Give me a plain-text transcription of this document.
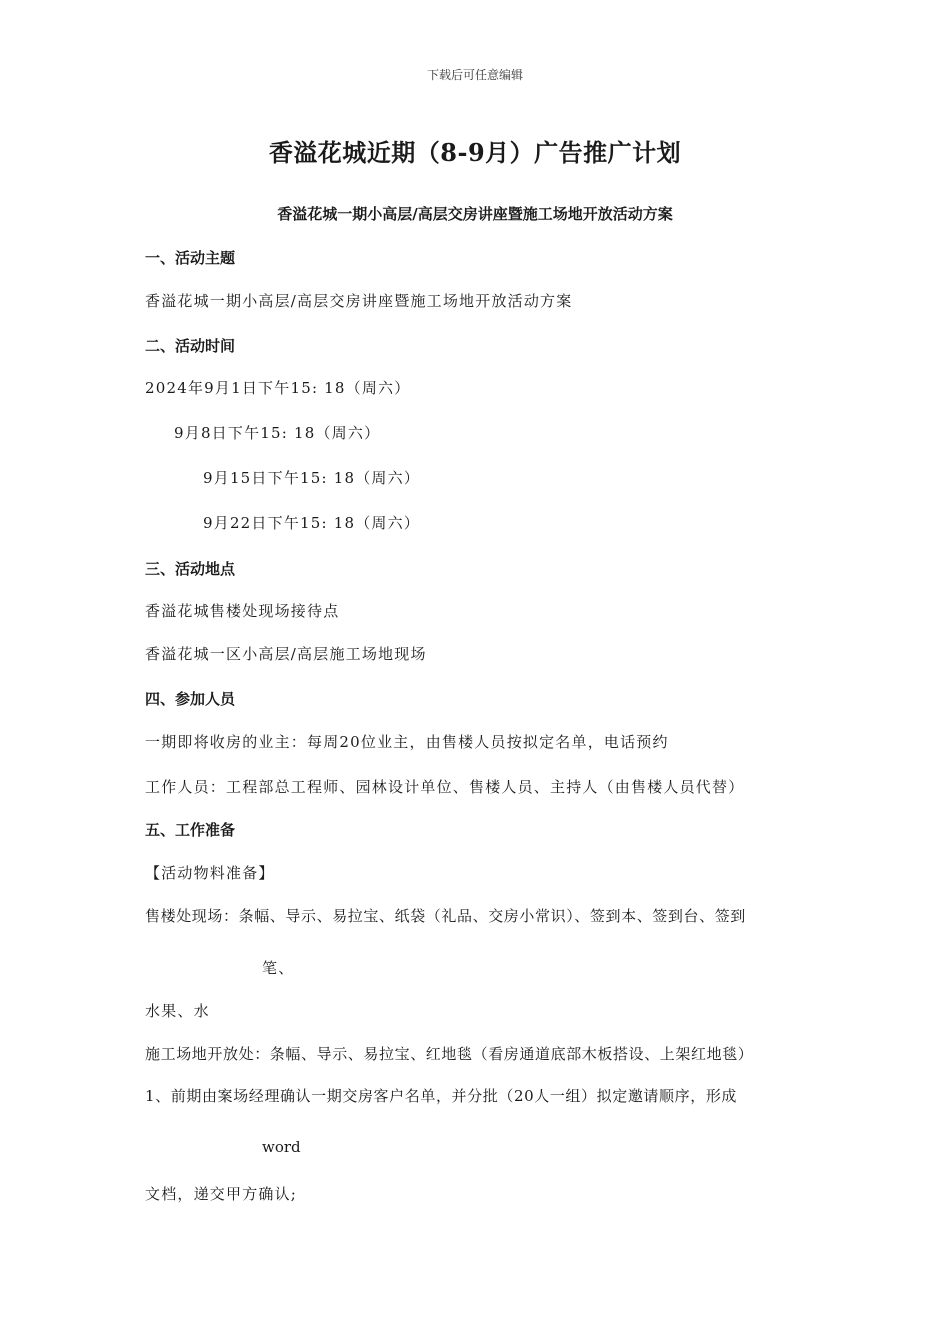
下载后可任意编辑
香溢花城近期（8-9月）广告推广计划
香溢花城一期小高层/高层交房讲座暨施工场地开放活动方案
一、活动主题
香溢花城一期小高层/高层交房讲座暨施工场地开放活动方案
二、活动时间
2024年9月1日下午15: 18（周六）
9月8日下午15: 18（周六）
9月15日下午15: 18（周六）
9月22日下午15: 18（周六）
三、活动地点
香溢花城售楼处现场接待点
香溢花城一区小高层/高层施工场地现场
四、参加人员
一期即将收房的业主：每周20位业主，由售楼人员按拟定名单，电话预约
工作人员：工程部总工程师、园林设计单位、售楼人员、主持人（由售楼人员代替）
五、工作准备
【活动物料准备】
售楼处现场：条幅、导示、易拉宝、纸袋（礼品、交房小常识）、签到本、签到台、签到
笔、
水果、水
施工场地开放处：条幅、导示、易拉宝、红地毯（看房通道底部木板搭设、上架红地毯）
1、前期由案场经理确认一期交房客户名单，并分批（20人一组）拟定邀请顺序，形成
word
文档，递交甲方确认;
